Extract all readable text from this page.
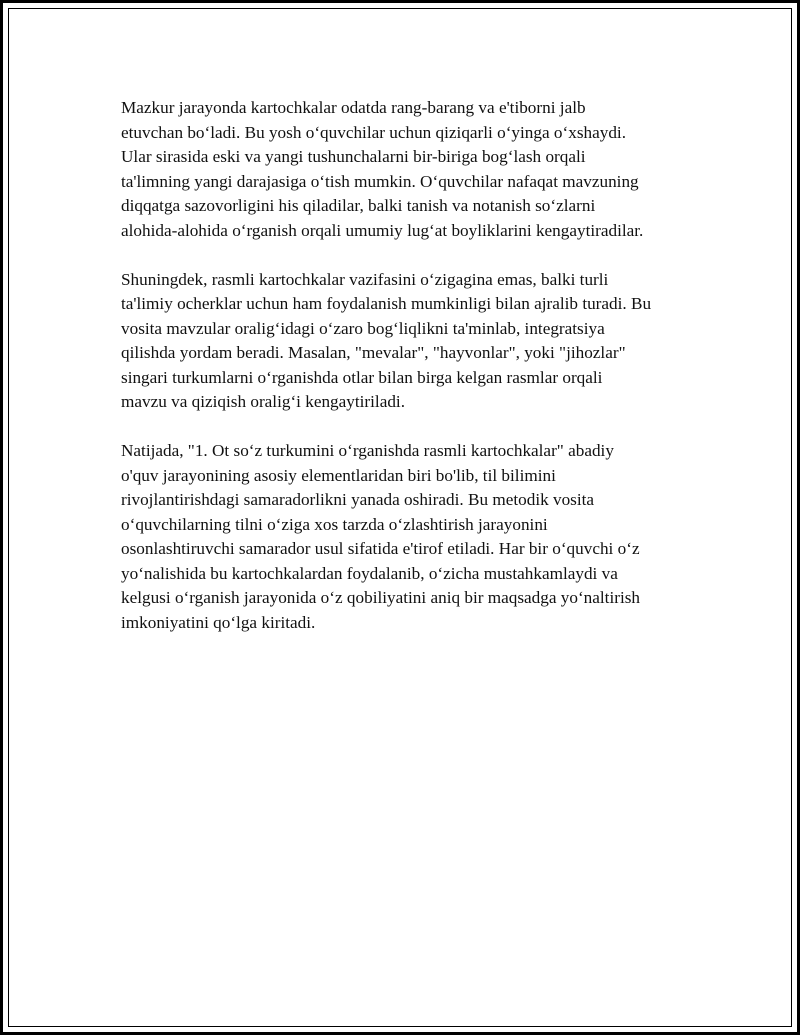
Mazkur jarayonda kartochkalar odatda rang-barang va e'tiborni jalb
etuvchan bo‘ladi. Bu yosh o‘quvchilar uchun qiziqarli o‘yinga o‘xshaydi.
Ular sirasida eski va yangi tushunchalarni bir-biriga bog‘lash orqali
ta'limning yangi darajasiga o‘tish mumkin. O‘quvchilar nafaqat mavzuning
diqqatga sazovorligini his qiladilar, balki tanish va notanish so‘zlarni
alohida-alohida o‘rganish orqali umumiy lug‘at boyliklarini kengaytiradilar.

Shuningdek, rasmli kartochkalar vazifasini o‘zigagina emas, balki turli
ta'limiy ocherklar uchun ham foydalanish mumkinligi bilan ajralib turadi. Bu
vosita mavzular oralig‘idagi o‘zaro bog‘liqlikni ta'minlab, integratsiya
qilishda yordam beradi. Masalan, "mevalar", "hayvonlar", yoki "jihozlar"
singari turkumlarni o‘rganishda otlar bilan birga kelgan rasmlar orqali
mavzu va qiziqish oralig‘i kengaytiriladi.

Natijada, "1. Ot so‘z turkumini o‘rganishda rasmli kartochkalar" abadiy
o'quv jarayonining asosiy elementlaridan biri bo'lib, til bilimini
rivojlantirishdagi samaradorlikni yanada oshiradi. Bu metodik vosita
o‘quvchilarning tilni o‘ziga xos tarzda o‘zlashtirish jarayonini
osonlashtiruvchi samarador usul sifatida e'tirof etiladi. Har bir o‘quvchi o‘z
yo‘nalishida bu kartochkalardan foydalanib, o‘zicha mustahkamlaydi va
kelgusi o‘rganish jarayonida o‘z qobiliyatini aniq bir maqsadga yo‘naltirish
imkoniyatini qo‘lga kiritadi.
